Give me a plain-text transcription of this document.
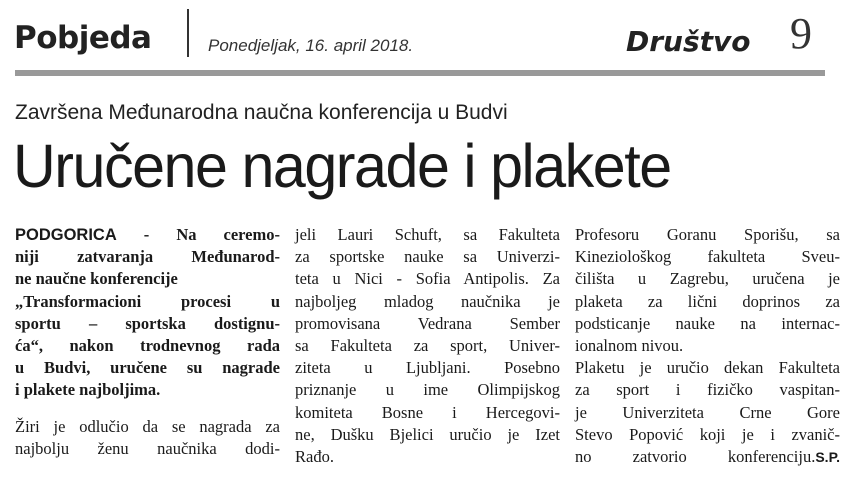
Pobjeda	Ponedjeljak, 16. april 2018.	Društvo 9
Završena Međunarodna naučna konferencija u Budvi
Uručene nagrade i plakete
PODGORICA - Na ceremo-
niji zatvaranja Međunarod-
ne naučne konferencije
„Transformacioni procesi u
sportu – sportska dostignu-
ća“, nakon trodnevnog rada
u Budvi, uručene su nagrade
i plakete najboljima.
Žiri je odlučio da se nagrada za
najbolju ženu naučnika dodi-
jeli Lauri Schuft, sa Fakulteta
za sportske nauke sa Univerzi-
teta u Nici - Sofia Antipolis. Za
najboljeg mladog naučnika je
promovisana Vedrana Sember
sa Fakulteta za sport, Univer-
ziteta u Ljubljani. Posebno
priznanje u ime Olimpijskog
komiteta Bosne i Hercegovi-
ne, Dušku Bjelici uručio je Izet
Rađo.
Profesoru Goranu Sporišu, sa
Kineziološkog fakulteta Sveu-
čilišta u Zagrebu, uručena je
plaketa za lični doprinos za
podsticanje nauke na internac-
ionalnom nivou.
Plaketu je uručio dekan Fakulteta
za sport i fizičko vaspitan-
je Univerziteta Crne Gore
Stevo Popović koji je i zvanič-
no zatvorio konferenciju.S.P.
